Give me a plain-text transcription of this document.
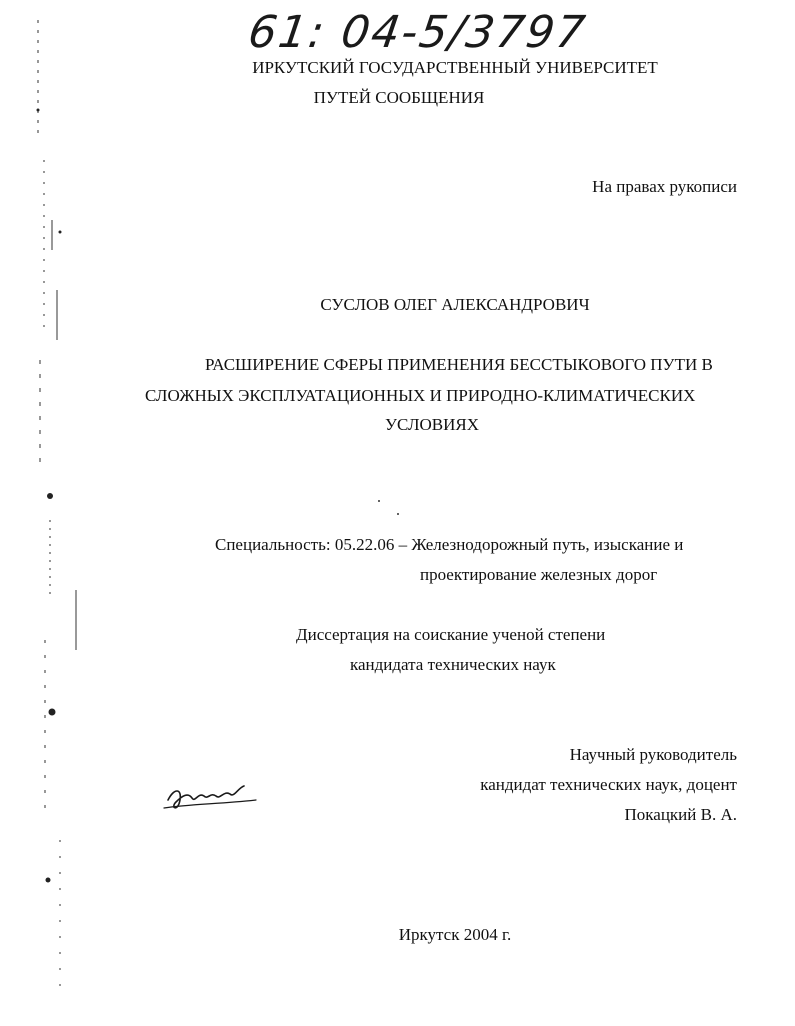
61: 04-5/3797
ИРКУТСКИЙ ГОСУДАРСТВЕННЫЙ УНИВЕРСИТЕТ
ПУТЕЙ СООБЩЕНИЯ
На правах рукописи
СУСЛОВ ОЛЕГ АЛЕКСАНДРОВИЧ
РАСШИРЕНИЕ СФЕРЫ ПРИМЕНЕНИЯ БЕССТЫКОВОГО ПУТИ В
СЛОЖНЫХ ЭКСПЛУАТАЦИОННЫХ И ПРИРОДНО-КЛИМАТИЧЕСКИХ
УСЛОВИЯХ
Специальность: 05.22.06 – Железнодорожный путь, изыскание и
проектирование железных дорог
Диссертация на соискание ученой степени
кандидата технических наук
Научный руководитель
кандидат технических наук, доцент
Покацкий В. А.
Иркутск 2004 г.
